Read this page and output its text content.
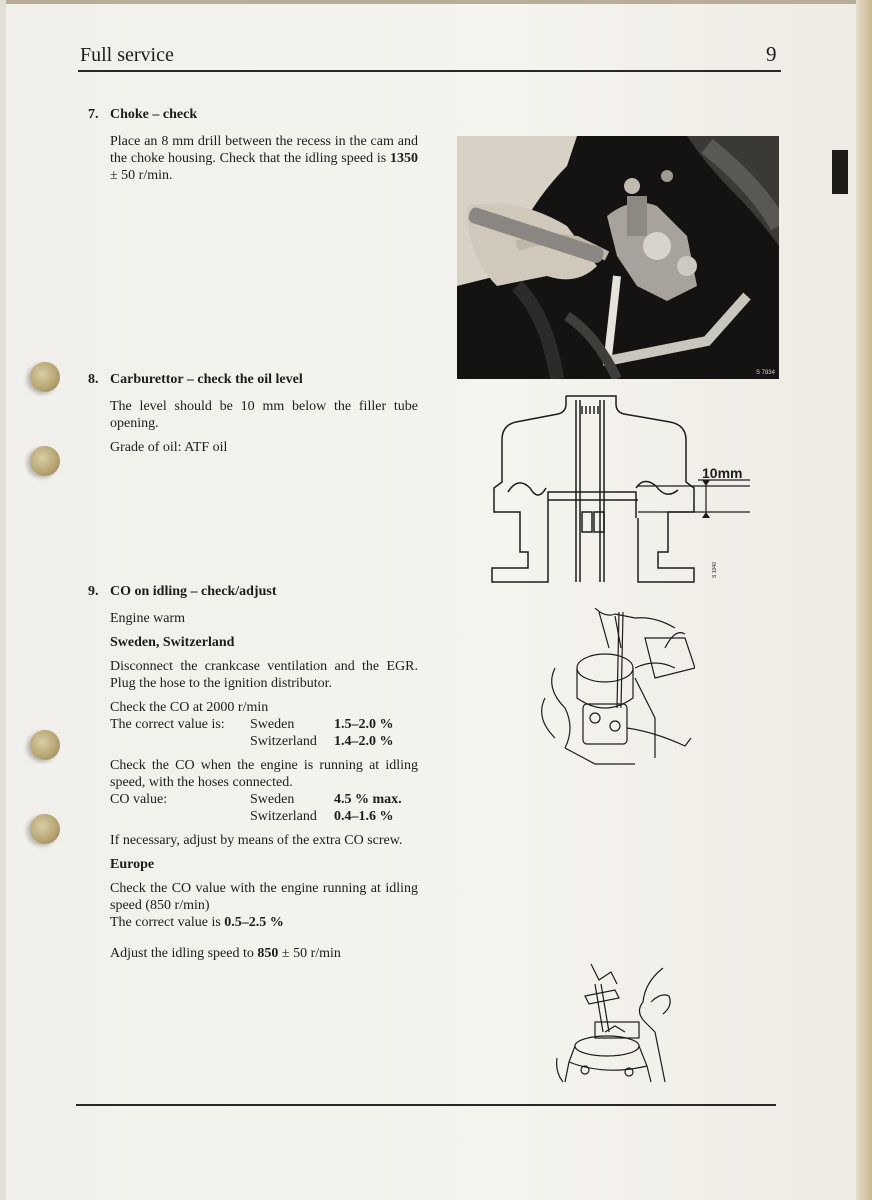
Full service	9
7. Choke – check

Place an 8 mm drill between the recess in the cam and the choke housing. Check that the idling speed is 1350 ± 50 r/min.

8. Carburettor – check the oil level

The level should be 10 mm below the filler tube opening.

Grade of oil: ATF oil

9. CO on idling – check/adjust

Engine warm

Sweden, Switzerland

Disconnect the crankcase ventilation and the EGR. Plug the hose to the ignition distributor.

Check the CO at 2000 r/min

The correct value is:	Sweden	1.5–2.0 %
Switzerland	1.4–2.0 %

Check the CO when the engine is running at idling speed, with the hoses connected.

CO value:	Sweden	4.5 % max.
Switzerland	0.4–1.6 %

If necessary, adjust by means of the extra CO screw.

Europe

Check the CO value with the engine running at idling speed (850 r/min)

The correct value is 0.5–2.5 %

Adjust the idling speed to 850 ± 50 r/min

S 7834
10mm
S 1040
